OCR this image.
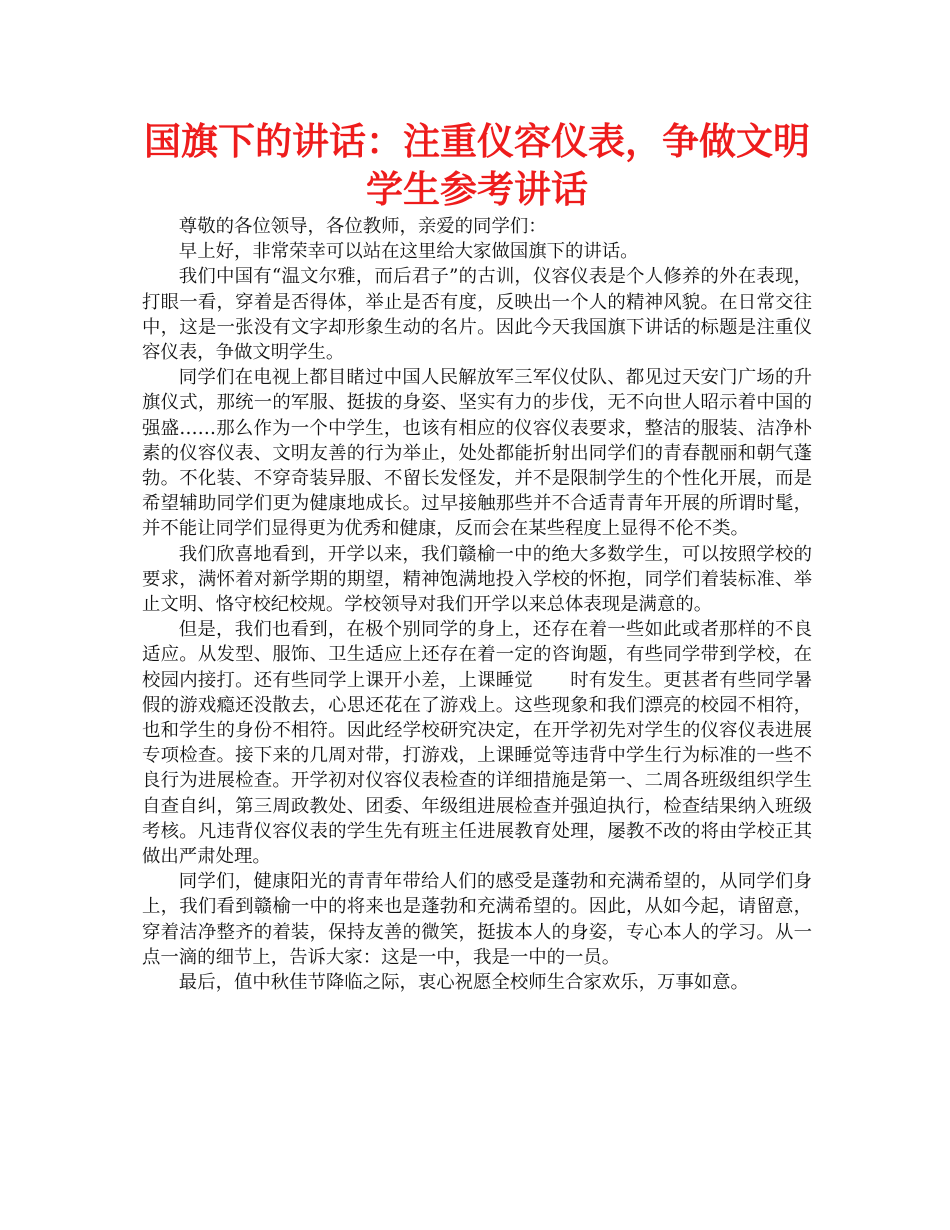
国旗下的讲话：注重仪容仪表，争做文明
学生参考讲话

尊敬的各位领导，各位教师，亲爱的同学们：

早上好，非常荣幸可以站在这里给大家做国旗下的讲话。

我们中国有“温文尔雅，而后君子”的古训，仪容仪表是个人修养的外在表现，打眼一看，穿着是否得体，举止是否有度，反映出一个人的精神风貌。在日常交往中，这是一张没有文字却形象生动的名片。因此今天我国旗下讲话的标题是注重仪容仪表，争做文明学生。

同学们在电视上都目睹过中国人民解放军三军仪仗队、都见过天安门广场的升旗仪式，那统一的军服、挺拔的身姿、坚实有力的步伐，无不向世人昭示着中国的强盛……那么作为一个中学生，也该有相应的仪容仪表要求，整洁的服装、洁净朴素的仪容仪表、文明友善的行为举止，处处都能折射出同学们的青春靓丽和朝气蓬勃。不化装、不穿奇装异服、不留长发怪发，并不是限制学生的个性化开展，而是希望辅助同学们更为健康地成长。过早接触那些并不合适青青年开展的所谓时髦，并不能让同学们显得更为优秀和健康，反而会在某些程度上显得不伦不类。

我们欣喜地看到，开学以来，我们赣榆一中的绝大多数学生，可以按照学校的要求，满怀着对新学期的期望，精神饱满地投入学校的怀抱，同学们着装标准、举止文明、恪守校纪校规。学校领导对我们开学以来总体表现是满意的。

但是，我们也看到，在极个别同学的身上，还存在着一些如此或者那样的不良适应。从发型、服饰、卫生适应上还存在着一定的咨询题，有些同学带到学校，在校园内接打。还有些同学上课开小差，上课睡觉　　时有发生。更甚者有些同学暑假的游戏瘾还没散去，心思还花在了游戏上。这些现象和我们漂亮的校园不相符，也和学生的身份不相符。因此经学校研究决定，在开学初先对学生的仪容仪表进展专项检查。接下来的几周对带，打游戏，上课睡觉等违背中学生行为标准的一些不良行为进展检查。开学初对仪容仪表检查的详细措施是第一、二周各班级组织学生自查自纠，第三周政教处、团委、年级组进展检查并强迫执行，检查结果纳入班级考核。凡违背仪容仪表的学生先有班主任进展教育处理，屡教不改的将由学校正其做出严肃处理。

同学们，健康阳光的青青年带给人们的感受是蓬勃和充满希望的，从同学们身上，我们看到赣榆一中的将来也是蓬勃和充满希望的。因此，从如今起，请留意，穿着洁净整齐的着装，保持友善的微笑，挺拔本人的身姿，专心本人的学习。从一点一滴的细节上，告诉大家：这是一中，我是一中的一员。

最后，值中秋佳节降临之际，衷心祝愿全校师生合家欢乐，万事如意。
